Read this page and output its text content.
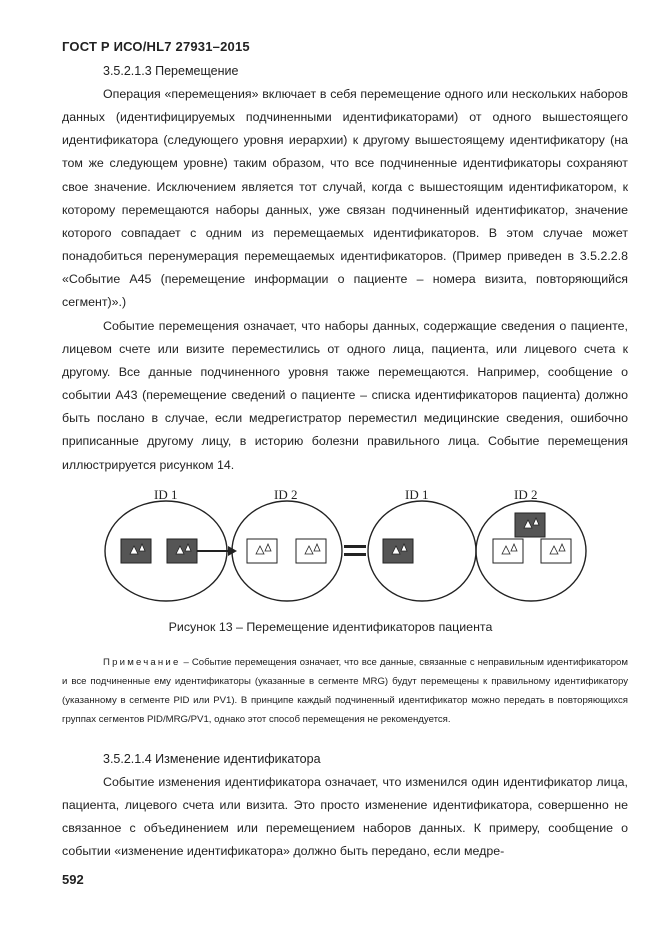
ГОСТ Р ИСО/HL7 27931–2015
3.5.2.1.3 Перемещение

Операция «перемещения» включает в себя перемещение одного или нескольких наборов данных (идентифицируемых подчиненными идентификаторами) от одного вышестоящего идентификатора (следующего уровня иерархии) к другому вышестоящему идентификатору (на том же следующем уровне) таким образом, что все подчиненные идентификаторы сохраняют свое значение. Исключением является тот случай, когда с вышестоящим идентификатором, к которому перемещаются наборы данных, уже связан подчиненный идентификатор, значение которого совпадает с одним из перемещаемых идентификаторов. В этом случае может понадобиться перенумерация перемещаемых идентификаторов. (Пример приведен в 3.5.2.2.8 «Событие А45 (перемещение информации о пациенте – номера визита, повторяющийся сегмент)».)

Событие перемещения означает, что наборы данных, содержащие сведения о пациенте, лицевом счете или визите переместились от одного лица, пациента, или лицевого счета к другому. Все данные подчиненного уровня также перемещаются. Например, сообщение о событии А43 (перемещение сведений о пациенте – списка идентификаторов пациента) должно быть послано в случае, если медрегистратор переместил медицинские сведения, ошибочно приписанные другому лицу, в историю болезни правильного лица. Событие перемещения иллюстрируется рисунком 14.

ID 1	ID 2	ID 1	ID 2
Рисунок 13 – Перемещение идентификаторов пациента

Примечание – Событие перемещения означает, что все данные, связанные с неправильным идентификатором и все подчиненные ему идентификаторы (указанные в сегменте MRG) будут перемещены к правильному идентификатору (указанному в сегменте PID или PV1). В принципе каждый подчиненный идентификатор можно передать в повторяющихся группах сегментов PID/MRG/PV1, однако этот способ перемещения не рекомендуется.

3.5.2.1.4 Изменение идентификатора

Событие изменения идентификатора означает, что изменился один идентификатор лица, пациента, лицевого счета или визита. Это просто изменение идентификатора, совершенно не связанное с объединением или перемещением наборов данных. К примеру, сообщение о событии «изменение идентификатора» должно быть передано, если медре-

592
